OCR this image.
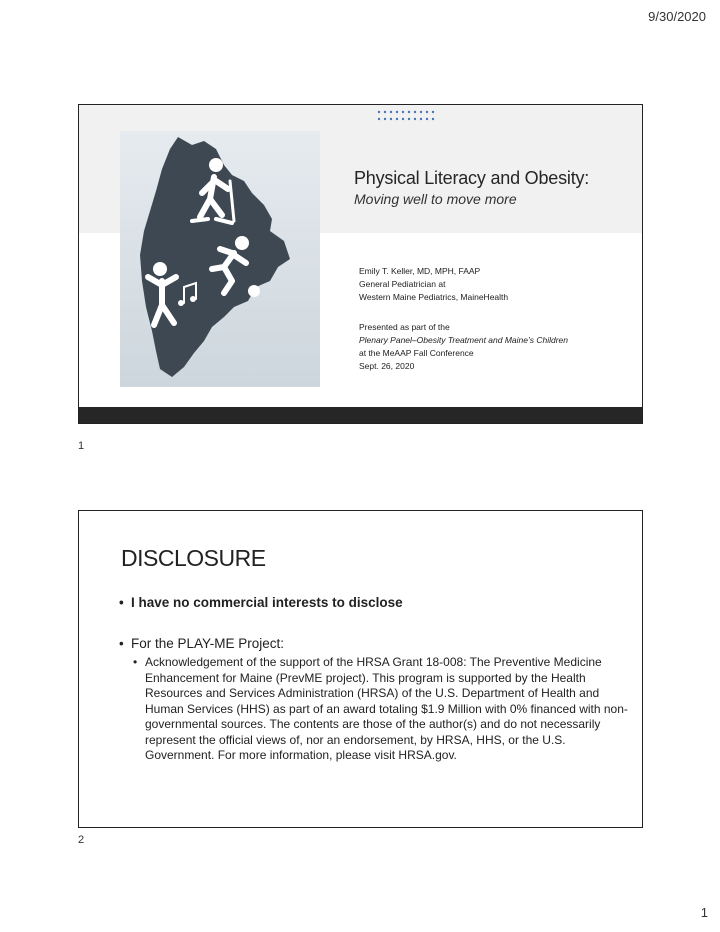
9/30/2020
Physical Literacy and Obesity:
Moving well to move more
Emily T. Keller, MD, MPH, FAAP
General Pediatrician at
Western Maine Pediatrics, MaineHealth
Presented as part of the
Plenary Panel–Obesity Treatment and Maine’s Children
at the MeAAP Fall Conference
Sept. 26, 2020
1
DISCLOSURE
• I have no commercial interests to disclose
• For the PLAY-ME Project:
• Acknowledgement of the support of the HRSA Grant 18-008: The Preventive Medicine Enhancement for Maine (PrevME project). This program is supported by the Health Resources and Services Administration (HRSA) of the U.S. Department of Health and Human Services (HHS) as part of an award totaling $1.9 Million with 0% financed with non-governmental sources. The contents are those of the author(s) and do not necessarily represent the official views of, nor an endorsement, by HRSA, HHS, or the U.S. Government. For more information, please visit HRSA.gov.
2
1
